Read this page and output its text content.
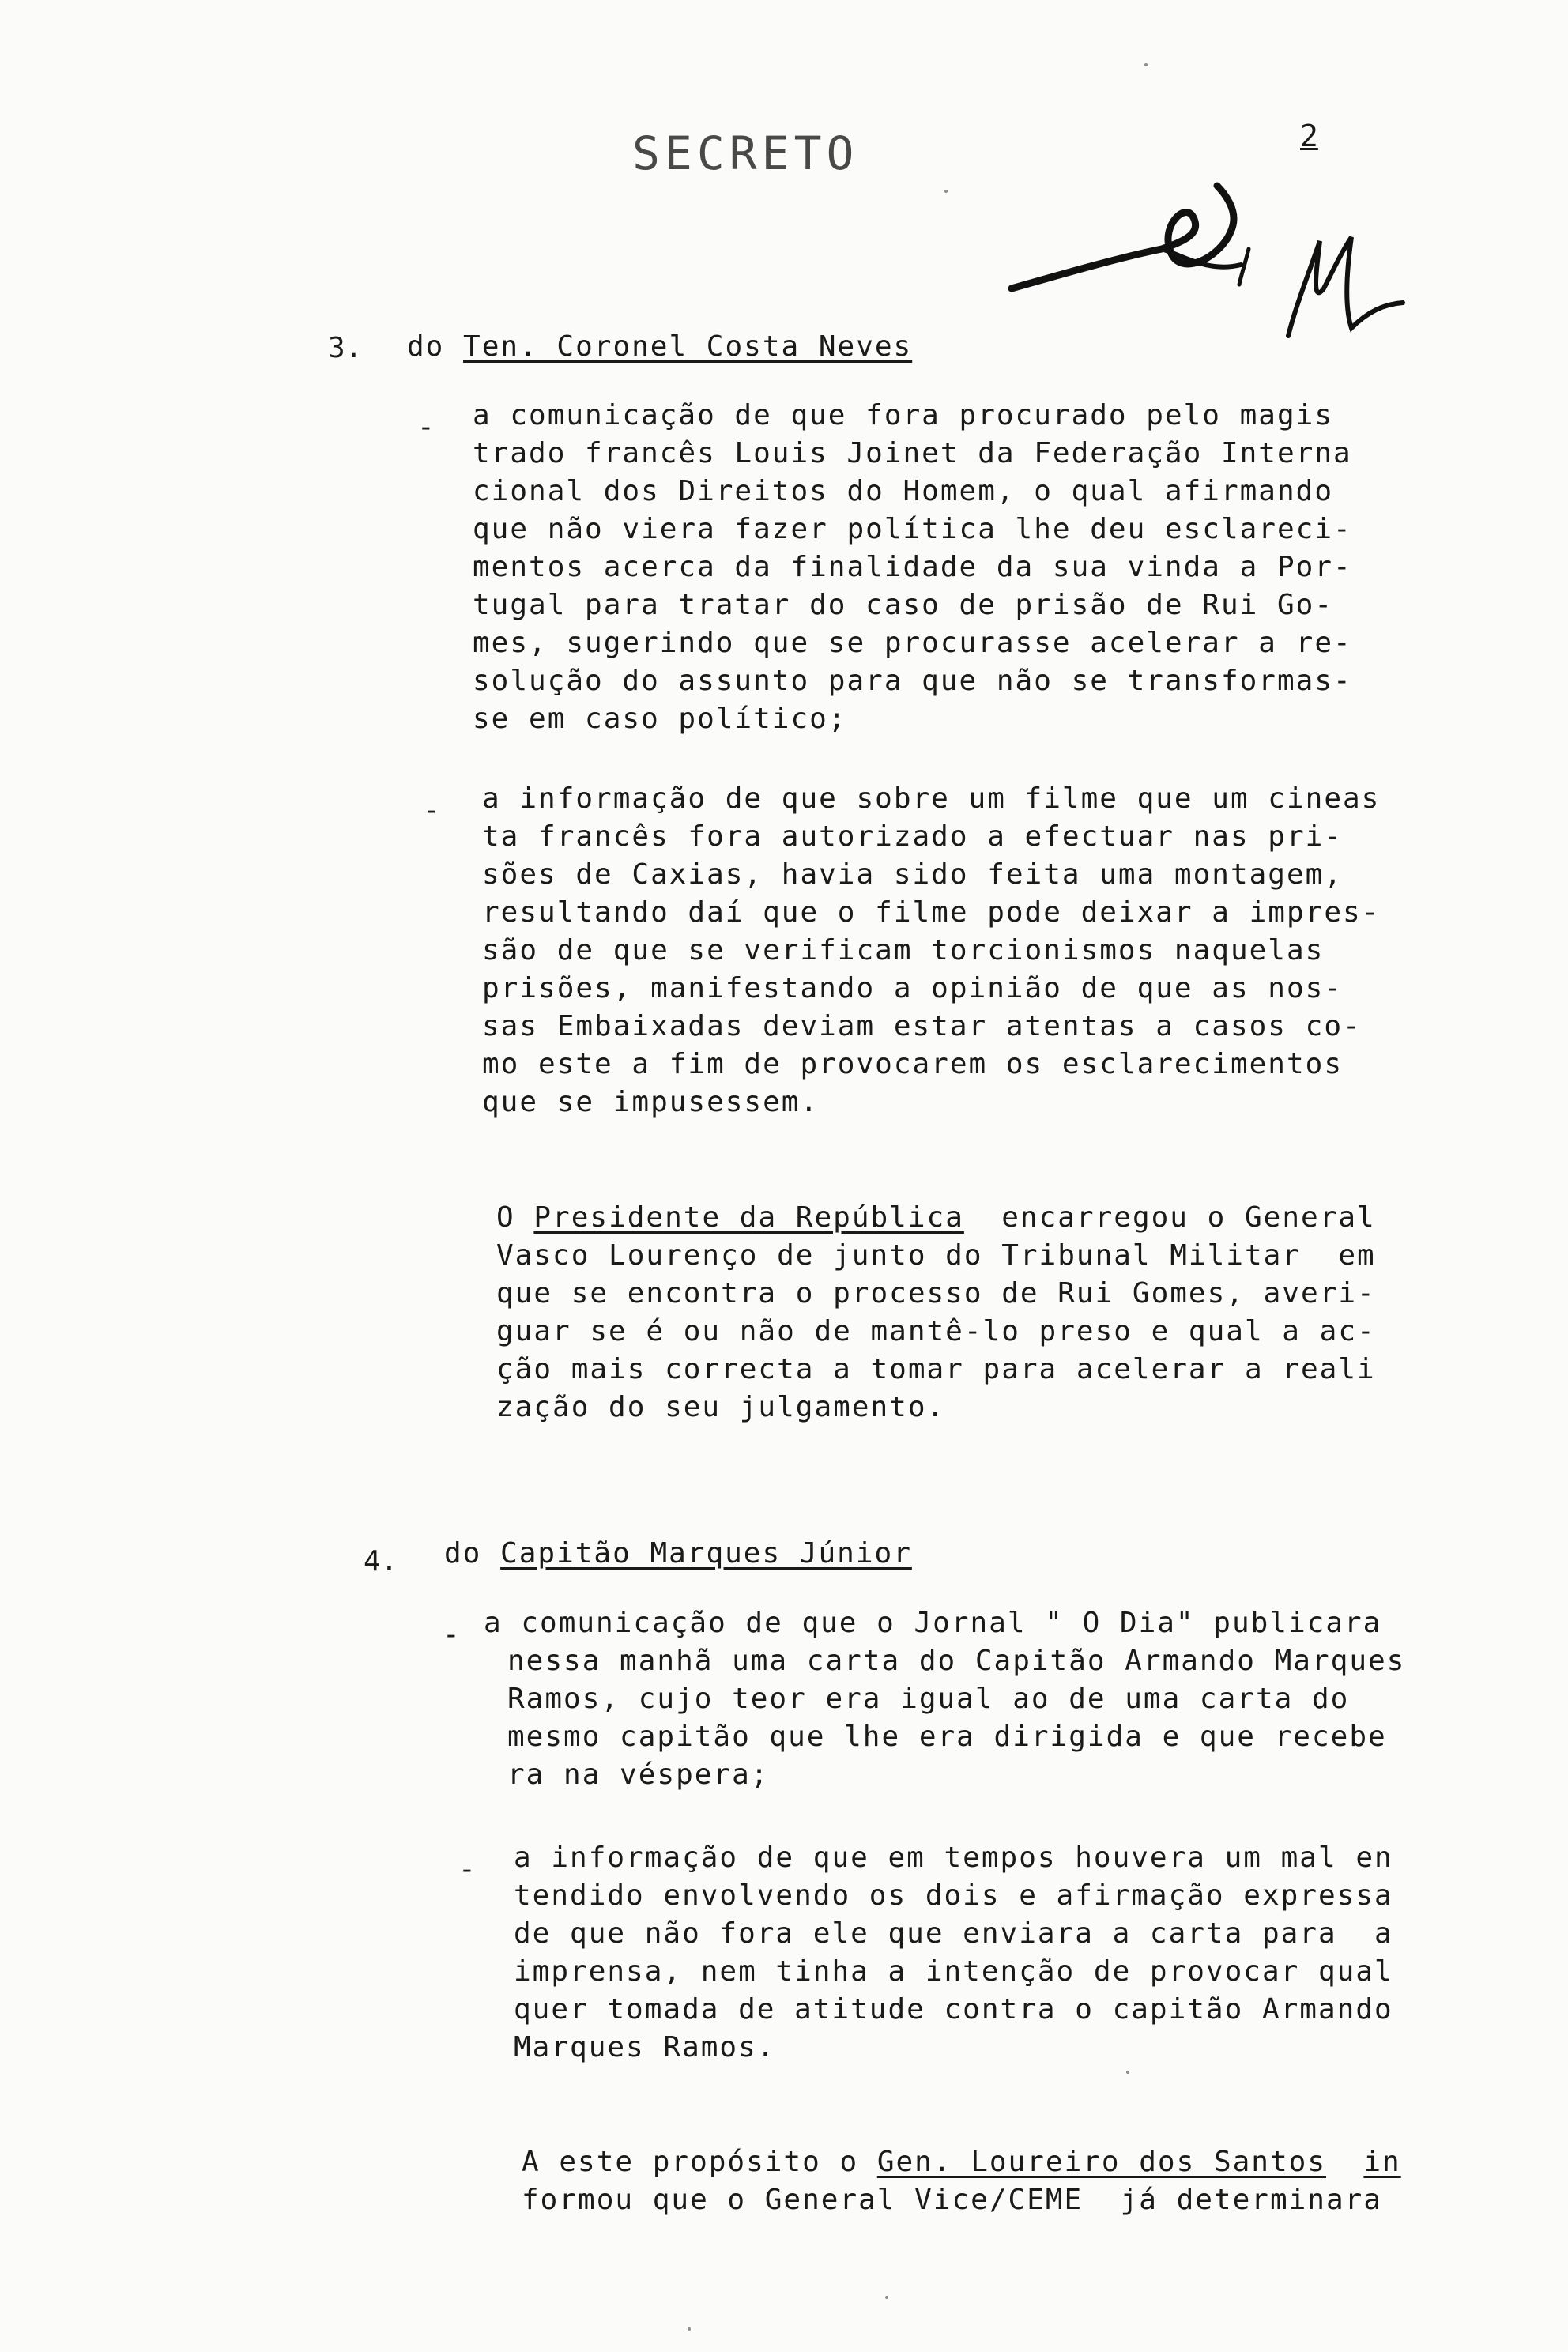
SECRETO	2
3. do Ten. Coronel Costa Neves
- a comunicação de que fora procurado pelo magis
trado francês Louis Joinet da Federação Interna
cional dos Direitos do Homem, o qual afirmando
que não viera fazer política lhe deu esclareci-
mentos acerca da finalidade da sua vinda a Por-
tugal para tratar do caso de prisão de Rui Go-
mes, sugerindo que se procurasse acelerar a re-
solução do assunto para que não se transformas-
se em caso político;
- a informação de que sobre um filme que um cineas
ta francês fora autorizado a efectuar nas pri-
sões de Caxias, havia sido feita uma montagem,
resultando daí que o filme pode deixar a impres-
são de que se verificam torcionismos naquelas
prisões, manifestando a opinião de que as nos-
sas Embaixadas deviam estar atentas a casos co-
mo este a fim de provocarem os esclarecimentos
que se impusessem.
O Presidente da República encarregou o General
Vasco Lourenço de junto do Tribunal Militar  em
que se encontra o processo de Rui Gomes, averi-
guar se é ou não de mantê-lo preso e qual a ac-
ção mais correcta a tomar para acelerar a reali
zação do seu julgamento.
4. do Capitão Marques Júnior
- a comunicação de que o Jornal " O Dia" publicara
nessa manhã uma carta do Capitão Armando Marques
Ramos, cujo teor era igual ao de uma carta do
mesmo capitão que lhe era dirigida e que recebe
ra na véspera;
- a informação de que em tempos houvera um mal en
tendido envolvendo os dois e afirmação expressa
de que não fora ele que enviara a carta para  a
imprensa, nem tinha a intenção de provocar qual
quer tomada de atitude contra o capitão Armando
Marques Ramos.
A este propósito o Gen. Loureiro dos Santos in
formou que o General Vice/CEME  já determinara
